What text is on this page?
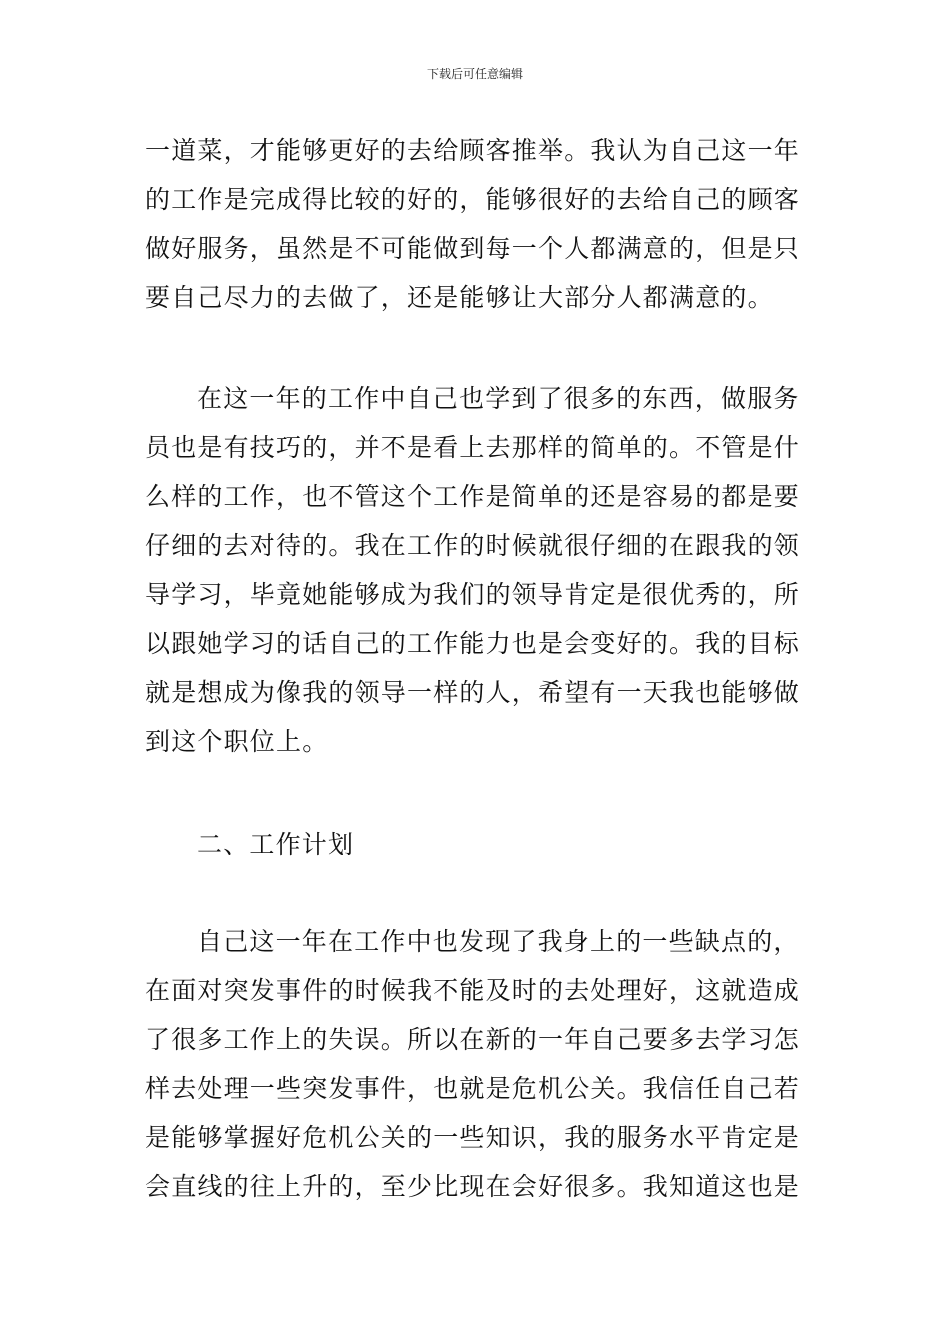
下载后可任意编辑
一道菜，才能够更好的去给顾客推举。我认为自己这一年
的工作是完成得比较的好的，能够很好的去给自己的顾客
做好服务，虽然是不可能做到每一个人都满意的，但是只
要自己尽力的去做了，还是能够让大部分人都满意的。
在这一年的工作中自己也学到了很多的东西，做服务
员也是有技巧的，并不是看上去那样的简单的。不管是什
么样的工作，也不管这个工作是简单的还是容易的都是要
仔细的去对待的。我在工作的时候就很仔细的在跟我的领
导学习，毕竟她能够成为我们的领导肯定是很优秀的，所
以跟她学习的话自己的工作能力也是会变好的。我的目标
就是想成为像我的领导一样的人，希望有一天我也能够做
到这个职位上。
二、工作计划
自己这一年在工作中也发现了我身上的一些缺点的，
在面对突发事件的时候我不能及时的去处理好，这就造成
了很多工作上的失误。所以在新的一年自己要多去学习怎
样去处理一些突发事件，也就是危机公关。我信任自己若
是能够掌握好危机公关的一些知识，我的服务水平肯定是
会直线的往上升的，至少比现在会好很多。我知道这也是
